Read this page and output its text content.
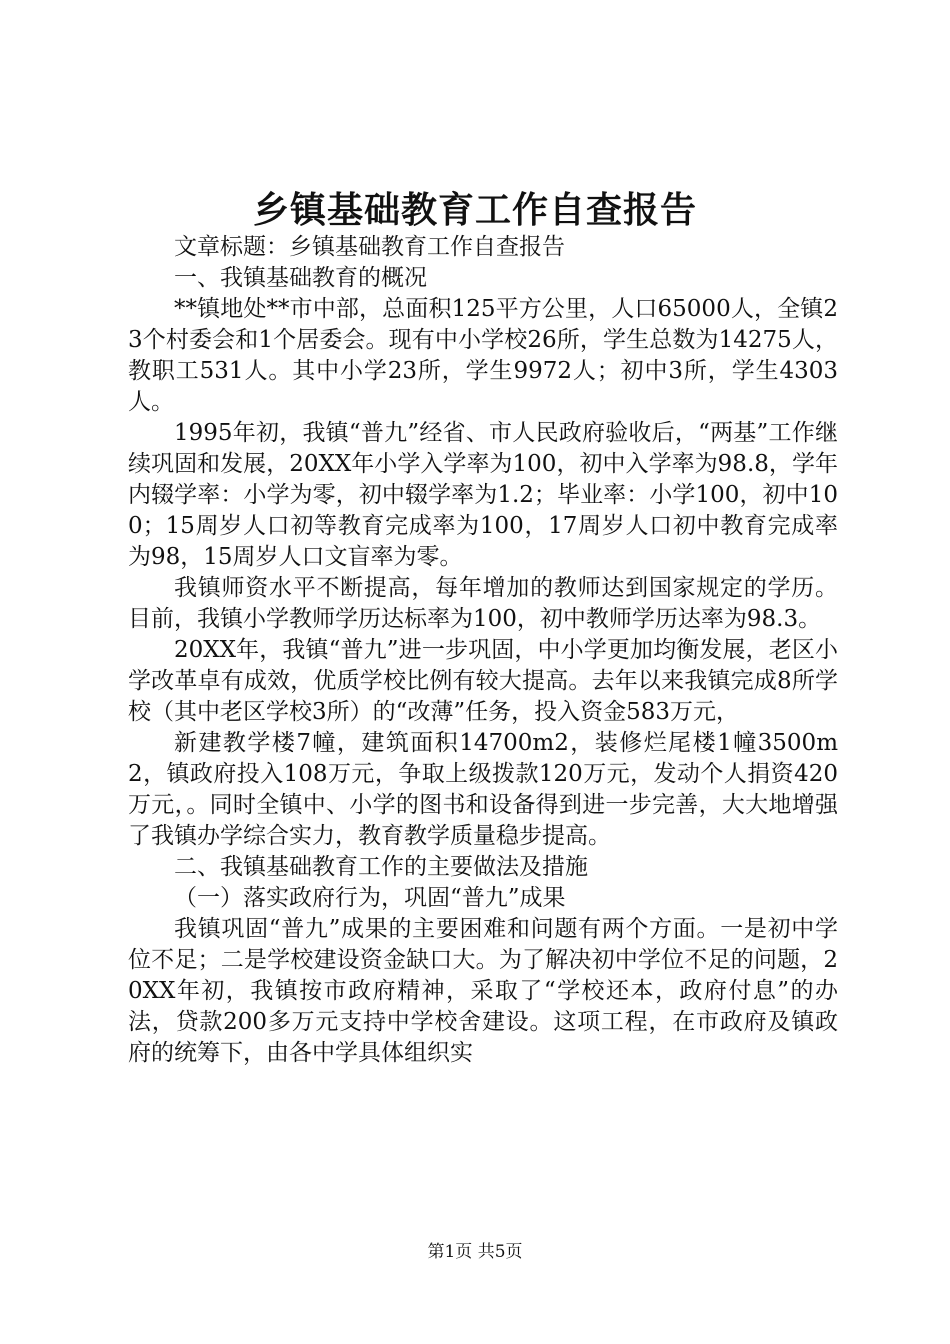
乡镇基础教育工作自查报告

文章标题：乡镇基础教育工作自查报告

一、我镇基础教育的概况

**镇地处**市中部，总面积125平方公里，人口65000人，全镇23个村委会和1个居委会。现有中小学校26所，学生总数为14275人，教职工531人。其中小学23所，学生9972人；初中3所，学生4303人。

1995年初，我镇“普九”经省、市人民政府验收后，“两基”工作继续巩固和发展，20XX年小学入学率为100，初中入学率为98.8，学年内辍学率：小学为零，初中辍学率为1.2；毕业率：小学100，初中100；15周岁人口初等教育完成率为100，17周岁人口初中教育完成率为98，15周岁人口文盲率为零。

我镇师资水平不断提高，每年增加的教师达到国家规定的学历。目前，我镇小学教师学历达标率为100，初中教师学历达率为98.3。

20XX年，我镇“普九”进一步巩固，中小学更加均衡发展，老区小学改革卓有成效，优质学校比例有较大提高。去年以来我镇完成8所学校（其中老区学校3所）的“改薄”任务，投入资金583万元，

新建教学楼7幢，建筑面积14700m2，装修烂尾楼1幢3500m2，镇政府投入108万元，争取上级拨款120万元，发动个人捐资420万元，。同时全镇中、小学的图书和设备得到进一步完善，大大地增强了我镇办学综合实力，教育教学质量稳步提高。

二、我镇基础教育工作的主要做法及措施

（一）落实政府行为，巩固“普九”成果

我镇巩固“普九”成果的主要困难和问题有两个方面。一是初中学位不足；二是学校建设资金缺口大。为了解决初中学位不足的问题，20XX年初，我镇按市政府精神，采取了“学校还本，政府付息”的办法，贷款200多万元支持中学校舍建设。这项工程，在市政府及镇政府的统筹下，由各中学具体组织实

第1页 共5页
